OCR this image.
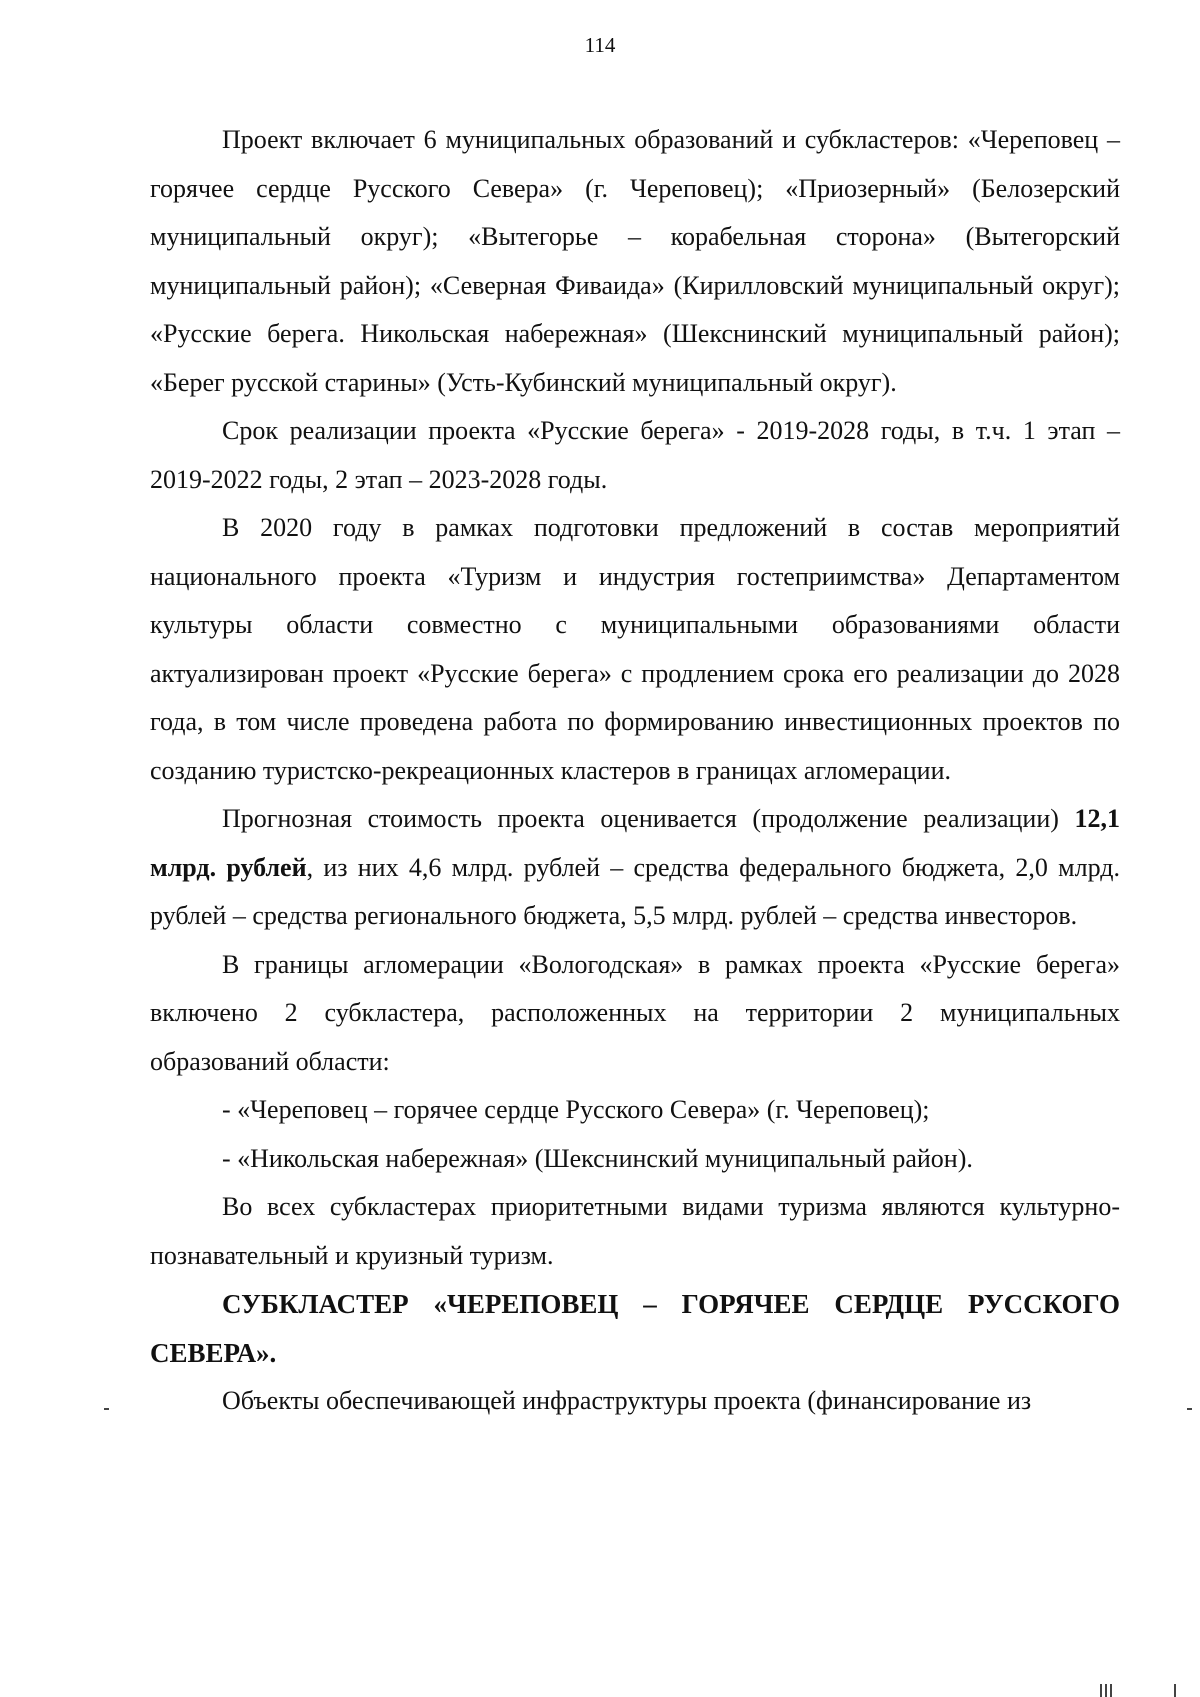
114

Проект включает 6 муниципальных образований и субкластеров: «Череповец – горячее сердце Русского Севера» (г. Череповец); «Приозерный» (Белозерский муниципальный округ); «Вытегорье – корабельная сторона» (Вытегорский муниципальный район); «Северная Фиваида» (Кирилловский муниципальный округ); «Русские берега. Никольская набережная» (Шекснинский муниципальный район); «Берег русской старины» (Усть-Кубинский муниципальный округ).

Срок реализации проекта «Русские берега» - 2019-2028 годы, в т.ч. 1 этап – 2019-2022 годы, 2 этап – 2023-2028 годы.

В 2020 году в рамках подготовки предложений в состав мероприятий национального проекта «Туризм и индустрия гостеприимства» Департаментом культуры области совместно с муниципальными образованиями области актуализирован проект «Русские берега» с продлением срока его реализации до 2028 года, в том числе проведена работа по формированию инвестиционных проектов по созданию туристско-рекреационных кластеров в границах агломерации.

Прогнозная стоимость проекта оценивается (продолжение реализации) 12,1 млрд. рублей, из них 4,6 млрд. рублей – средства федерального бюджета, 2,0 млрд. рублей – средства регионального бюджета, 5,5 млрд. рублей – средства инвесторов.

В границы агломерации «Вологодская» в рамках проекта «Русские берега» включено 2 субкластера, расположенных на территории 2 муниципальных образований области:

- «Череповец – горячее сердце Русского Севера» (г. Череповец);

- «Никольская набережная» (Шекснинский муниципальный район).

Во всех субкластерах приоритетными видами туризма являются культурно-познавательный и круизный туризм.

СУБКЛАСТЕР «ЧЕРЕПОВЕЦ – ГОРЯЧЕЕ СЕРДЦЕ РУССКОГО СЕВЕРА».

Объекты обеспечивающей инфраструктуры проекта (финансирование из
